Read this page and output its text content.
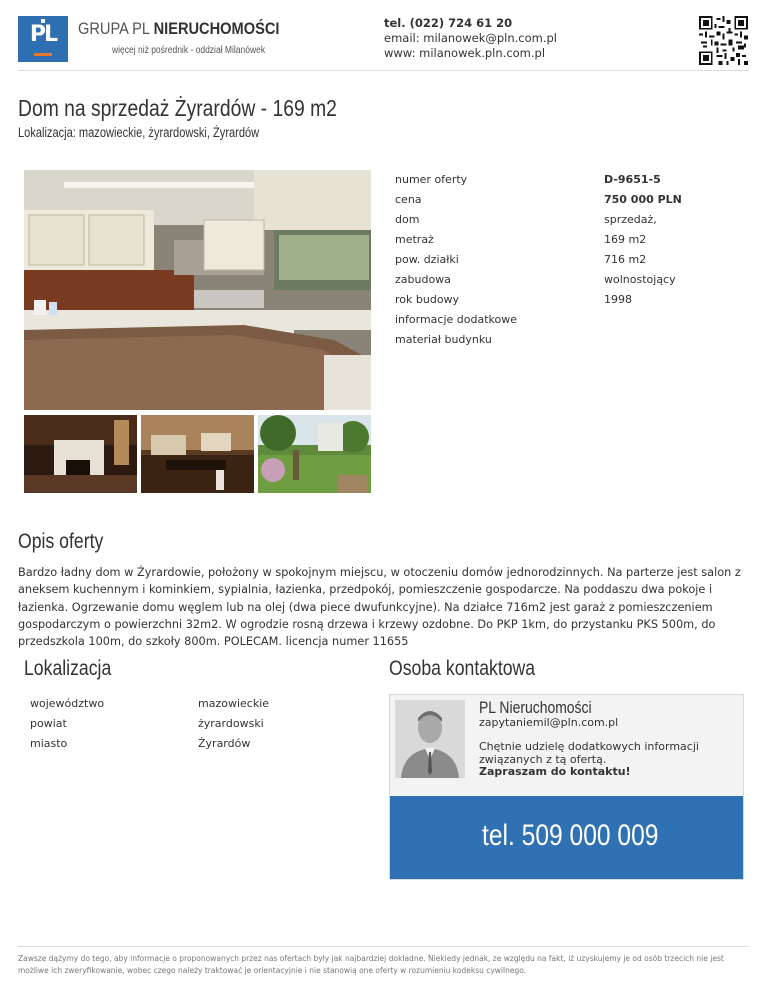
PL	GRUPA PL NIERUCHOMOŚCI
więcej niż pośrednik - oddział Milanówek
tel. (022) 724 61 20
email: milanowek@pln.com.pl
www: milanowek.pln.com.pl
Dom na sprzedaż Żyrardów - 169 m2
Lokalizacja: mazowieckie, żyrardowski, Żyrardów
numer oferty	D-9651-5
cena	750 000 PLN
dom	sprzedaż,
metraż	169 m2
pow. działki	716 m2
zabudowa	wolnostojący
rok budowy	1998
informacje dodatkowe
materiał budynku
Opis oferty
Bardzo ładny dom w Żyrardowie, położony w spokojnym miejscu, w otoczeniu domów jednorodzinnych. Na parterze jest salon z aneksem kuchennym i kominkiem, sypialnia, łazienka, przedpokój, pomieszczenie gospodarcze. Na poddaszu dwa pokoje i łazienka. Ogrzewanie domu węglem lub na olej (dwa piece dwufunkcyjne). Na działce 716m2 jest garaż z pomieszczeniem gospodarczym o powierzchni 32m2. W ogrodzie rosną drzewa i krzewy ozdobne. Do PKP 1km, do przystanku PKS 500m, do przedszkola 100m, do szkoły 800m. POLECAM. licencja numer 11655
Lokalizacja
województwo	mazowieckie
powiat	żyrardowski
miasto	Żyrardów
Osoba kontaktowa
PL Nieruchomości
zapytaniemil@pln.com.pl
Chętnie udzielę dodatkowych informacji związanych z tą ofertą.
Zapraszam do kontaktu!
tel. 509 000 009
Zawsze dążymy do tego, aby informacje o proponowanych przez nas ofertach były jak najbardziej dokładne. Niekiedy jednak, ze względu na fakt, iż uzyskujemy je od osób trzecich nie jest możliwe ich zweryfikowanie, wobec czego należy traktować je orientacyjnie i nie stanowią one oferty w rozumieniu kodeksu cywilnego.
